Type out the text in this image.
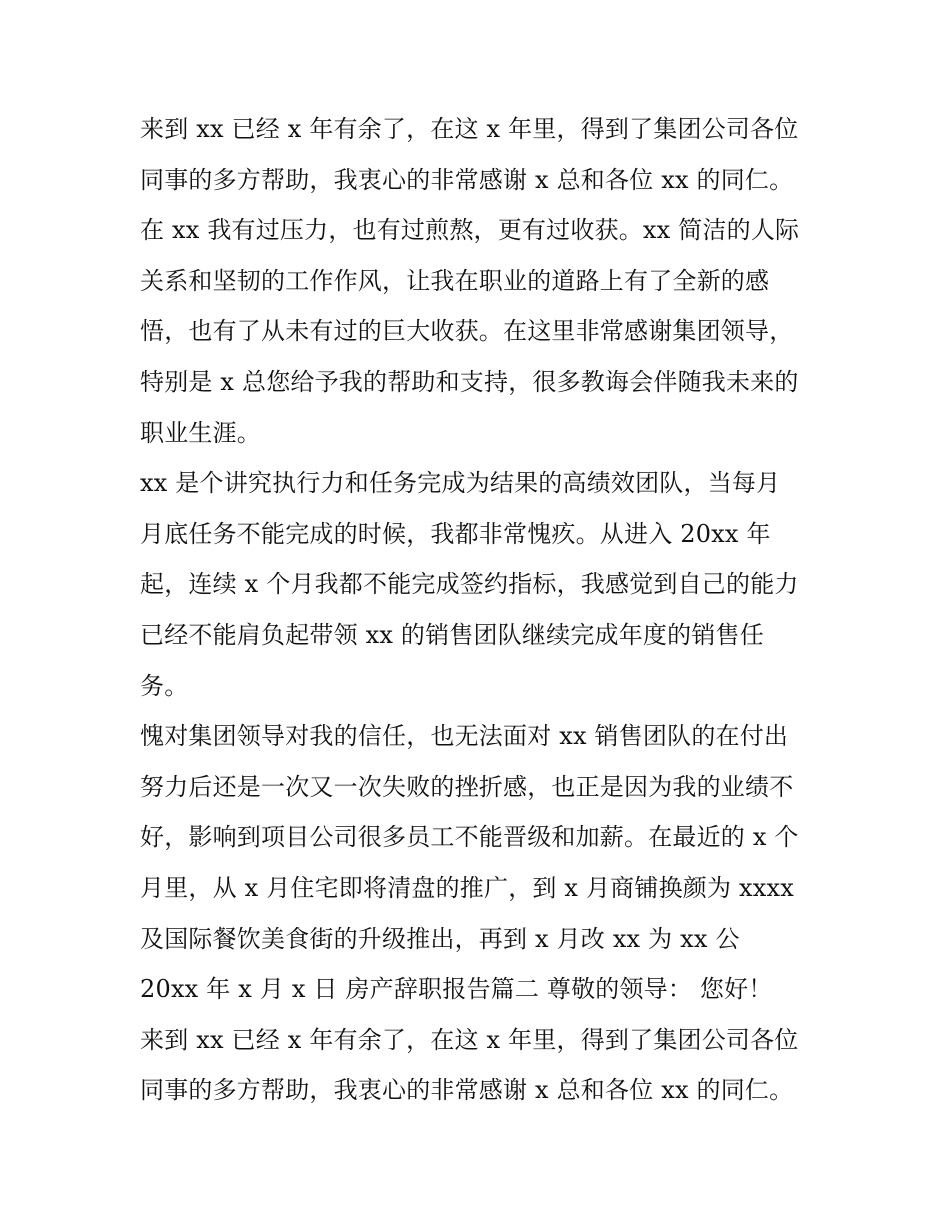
来到 xx 已经 x 年有余了，在这 x 年里，得到了集团公司各位
同事的多方帮助，我衷心的非常感谢 x 总和各位 xx 的同仁。
在 xx 我有过压力，也有过煎熬，更有过收获。xx 简洁的人际
关系和坚韧的工作作风，让我在职业的道路上有了全新的感
悟，也有了从未有过的巨大收获。在这里非常感谢集团领导，
特别是 x 总您给予我的帮助和支持，很多教诲会伴随我未来的
职业生涯。
xx 是个讲究执行力和任务完成为结果的高绩效团队，当每月
月底任务不能完成的时候，我都非常愧疚。从进入 20xx 年
起，连续 x 个月我都不能完成签约指标，我感觉到自己的能力
已经不能肩负起带领 xx 的销售团队继续完成年度的销售任
务。
愧对集团领导对我的信任，也无法面对 xx 销售团队的在付出
努力后还是一次又一次失败的挫折感，也正是因为我的业绩不
好，影响到项目公司很多员工不能晋级和加薪。在最近的 x 个
月里，从 x 月住宅即将清盘的推广，到 x 月商铺换颜为 xxxx
及国际餐饮美食街的升级推出，再到 x 月改 xx 为 xx 公
20xx 年 x 月 x 日 房产辞职报告篇二 尊敬的领导： 您好！
来到 xx 已经 x 年有余了，在这 x 年里，得到了集团公司各位
同事的多方帮助，我衷心的非常感谢 x 总和各位 xx 的同仁。
